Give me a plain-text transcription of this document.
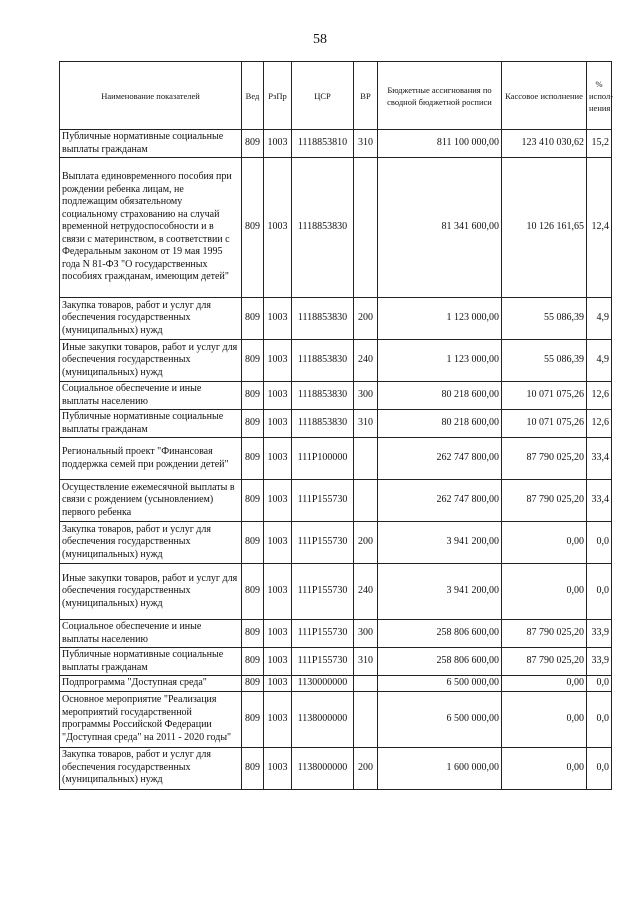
58
Наименование показателей	Вед	РзПр	ЦСР	ВР	Бюджетные ассигнования по сводной бюджетной росписи	Кассовое исполнение	% испол-нения
Публичные нормативные социальные выплаты гражданам	809	1003	1118853810	310	811 100 000,00	123 410 030,62	15,2
Выплата единовременного пособия при рождении ребенка лицам, не подлежащим обязательному социальному страхованию на случай временной нетрудоспособности и в связи с материнством, в соответствии с Федеральным законом от 19 мая 1995 года N 81-ФЗ "О государственных пособиях гражданам, имеющим детей"	809	1003	1118853830		81 341 600,00	10 126 161,65	12,4
Закупка товаров, работ и услуг для обеспечения государственных (муниципальных) нужд	809	1003	1118853830	200	1 123 000,00	55 086,39	4,9
Иные закупки товаров, работ и услуг для обеспечения государственных (муниципальных) нужд	809	1003	1118853830	240	1 123 000,00	55 086,39	4,9
Социальное обеспечение и иные выплаты населению	809	1003	1118853830	300	80 218 600,00	10 071 075,26	12,6
Публичные нормативные социальные выплаты гражданам	809	1003	1118853830	310	80 218 600,00	10 071 075,26	12,6
Региональный проект "Финансовая поддержка семей при рождении детей"	809	1003	111P100000		262 747 800,00	87 790 025,20	33,4
Осуществление ежемесячной выплаты в связи с рождением (усыновлением) первого ребенка	809	1003	111P155730		262 747 800,00	87 790 025,20	33,4
Закупка товаров, работ и услуг для обеспечения государственных (муниципальных) нужд	809	1003	111P155730	200	3 941 200,00	0,00	0,0
Иные закупки товаров, работ и услуг для обеспечения государственных (муниципальных) нужд	809	1003	111P155730	240	3 941 200,00	0,00	0,0
Социальное обеспечение и иные выплаты населению	809	1003	111P155730	300	258 806 600,00	87 790 025,20	33,9
Публичные нормативные социальные выплаты гражданам	809	1003	111P155730	310	258 806 600,00	87 790 025,20	33,9
Подпрограмма "Доступная среда"	809	1003	1130000000		6 500 000,00	0,00	0,0
Основное мероприятие "Реализация мероприятий государственной программы Российской Федерации "Доступная среда" на 2011 - 2020 годы"	809	1003	1138000000		6 500 000,00	0,00	0,0
Закупка товаров, работ и услуг для обеспечения государственных (муниципальных) нужд	809	1003	1138000000	200	1 600 000,00	0,00	0,0
